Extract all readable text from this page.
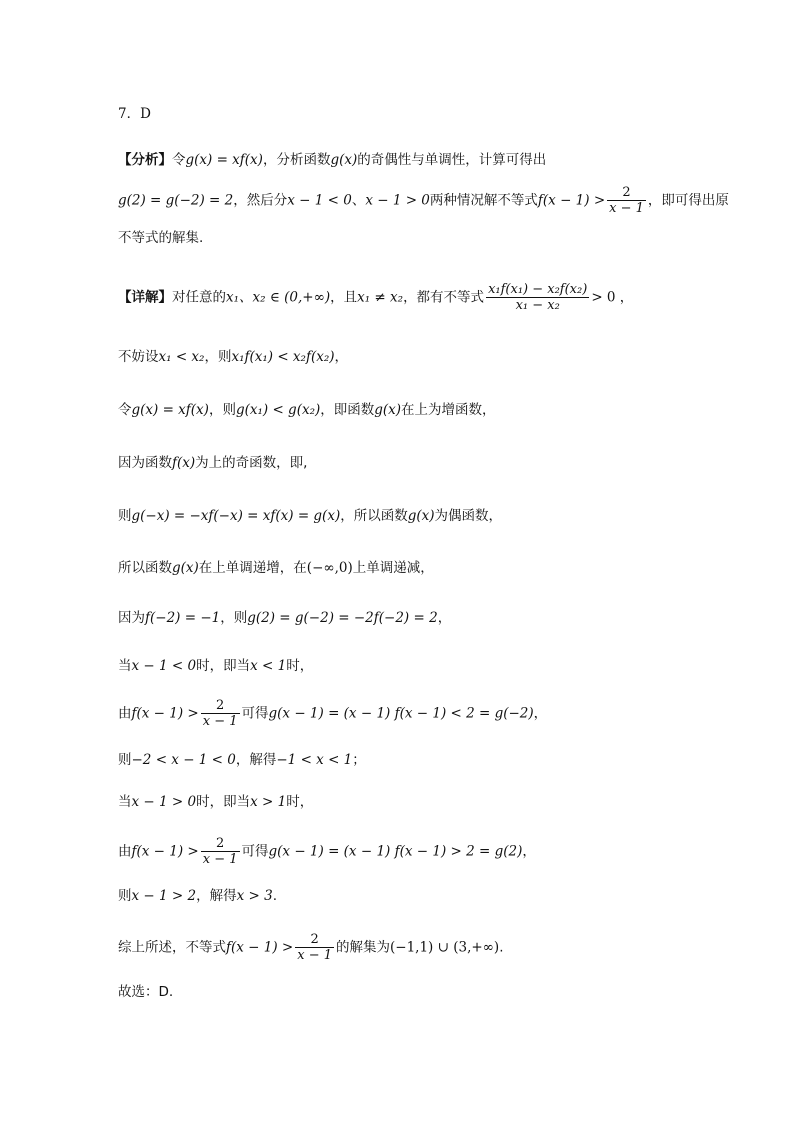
7．D
【分析】令g(x) = xf(x)，分析函数g(x)的奇偶性与单调性，计算可得出
g(2) = g(−2) = 2，然后分x − 1 < 0、x − 1 > 0两种情况解不等式$f(x - 1) > \frac{2}{x - 1}$ ，即可得出原
不等式的解集.
【详解】对任意的x₁、x₂ ∈ (0,+∞)，且x₁ ≠ x₂，都有不等式 $\frac{\text{x₁f(x₁) − x₂f(x₂)}}{\text{x₁ − x₂}} > 0$ ，
不妨设x₁ < x₂，则x₁f(x₁) < x₂f(x₂)，
令g(x) = xf(x)，则g(x₁) < g(x₂)，即函数g(x)在上为增函数，
因为函数f(x)为上的奇函数，即,
则g(−x) = −xf(−x) = xf(x) = g(x)，所以函数g(x)为偶函数，
所以函数g(x)在上单调递增，在(−∞,0)上单调递减，
因为f(−2) = −1，则g(2) = g(−2) = −2f(−2) = 2，
当x − 1 < 0时，即当x < 1时，
由$f(x - 1) > \frac{2}{x - 1}$ 可得g(x − 1) = (x − 1) f(x − 1) < 2 = g(−2)，
则−2 < x − 1 < 0，解得−1 < x < 1；
当x − 1 > 0时，即当x > 1时，
由$f(x - 1) > \frac{2}{x - 1}$ 可得g(x − 1) = (x − 1) f(x − 1) > 2 = g(2)，
则x − 1 > 2，解得x > 3.
综上所述，不等式$f(x - 1) > \frac{2}{x - 1}$ 的解集为(−1,1) ∪ (3,+∞).
故选：D.
